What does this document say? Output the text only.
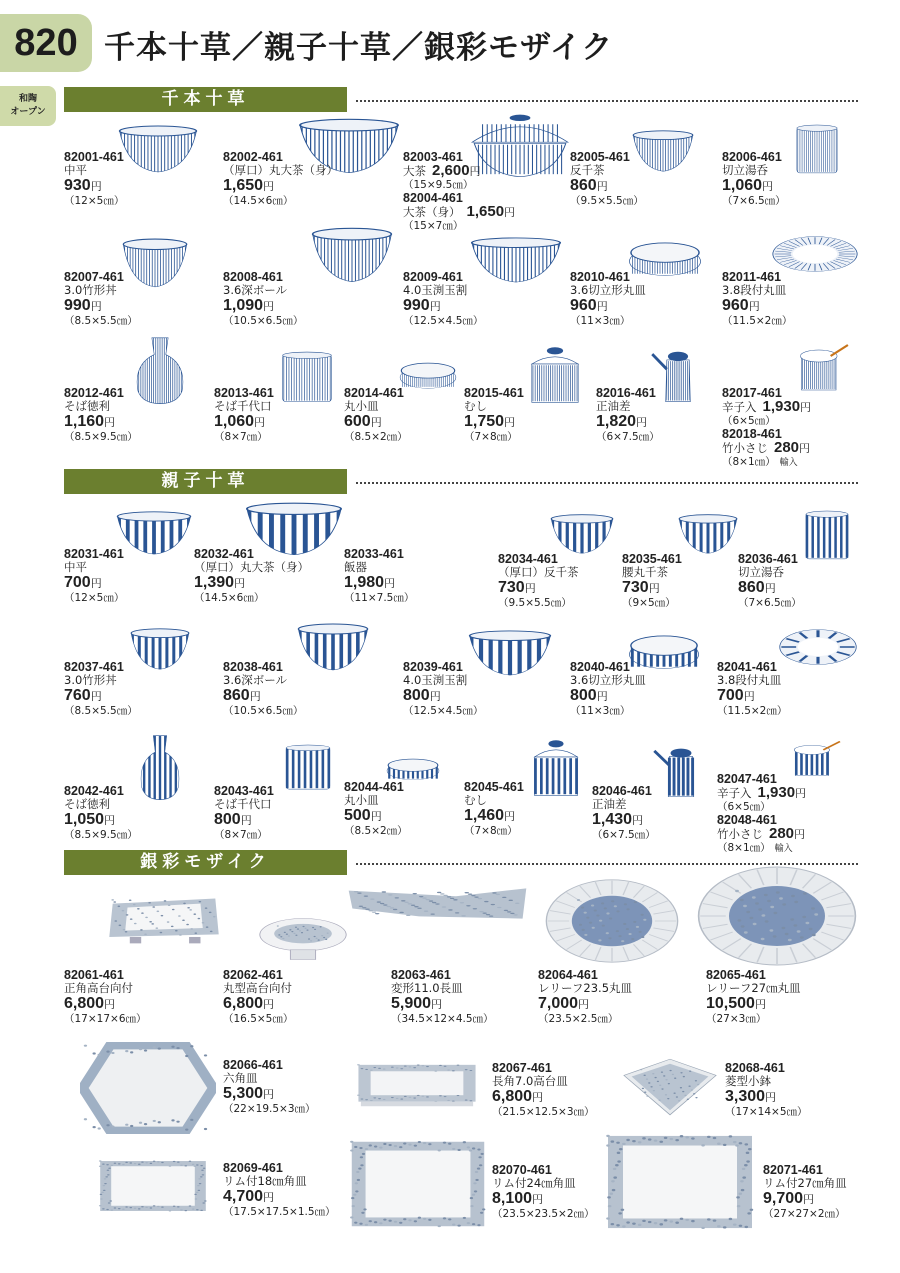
820 千本十草／親子十草／銀彩モザイク
和陶
オープン
千本十草
親子十草
銀彩モザイク
82001-461

中平
930円
（12×5㎝）
82002-461

（厚口）丸大茶（身）
1,650円
（14.5×6㎝）
82003-461

大茶 2,600円
（15×9.5㎝）
82004-461

大茶（身） 1,650円
（15×7㎝）
82005-461

反千茶
860円
（9.5×5.5㎝）
82006-461

切立湯呑
1,060円
（7×6.5㎝）
82007-461

3.0竹形丼
990円
（8.5×5.5㎝）
82008-461

3.6深ボール
1,090円
（10.5×6.5㎝）
82009-461

4.0玉渕玉割
990円
（12.5×4.5㎝）
82010-461

3.6切立形丸皿
960円
（11×3㎝）
82011-461

3.8段付丸皿
960円
（11.5×2㎝）
82012-461

そば徳利
1,160円
（8.5×9.5㎝）
82013-461

そば千代口
1,060円
（8×7㎝）
82014-461

丸小皿
600円
（8.5×2㎝）
82015-461

むし
1,750円
（7×8㎝）
82016-461

正油差
1,820円
（6×7.5㎝）
82017-461

辛子入 1,930円
（6×5㎝）
82018-461

竹小さじ 280円
（8×1㎝） 輸入
82031-461

中平
700円
（12×5㎝）
82032-461

（厚口）丸大茶（身）
1,390円
（14.5×6㎝）
82033-461

飯器
1,980円
（11×7.5㎝）
82034-461

（厚口）反千茶
730円
（9.5×5.5㎝）
82035-461

腰丸千茶
730円
（9×5㎝）
82036-461

切立湯呑
860円
（7×6.5㎝）
82037-461

3.0竹形丼
760円
（8.5×5.5㎝）
82038-461

3.6深ボール
860円
（10.5×6.5㎝）
82039-461

4.0玉渕玉割
800円
（12.5×4.5㎝）
82040-461

3.6切立形丸皿
800円
（11×3㎝）
82041-461

3.8段付丸皿
700円
（11.5×2㎝）
82042-461

そば徳利
1,050円
（8.5×9.5㎝）
82043-461

そば千代口
800円
（8×7㎝）
82044-461

丸小皿
500円
（8.5×2㎝）
82045-461

むし
1,460円
（7×8㎝）
82046-461

正油差
1,430円
（6×7.5㎝）
82047-461

辛子入 1,930円
（6×5㎝）
82048-461

竹小さじ 280円
（8×1㎝） 輸入
82061-461

正角高台向付
6,800円
（17×17×6㎝）
82062-461

丸型高台向付
6,800円
（16.5×5㎝）
82063-461

変形11.0長皿
5,900円
（34.5×12×4.5㎝）
82064-461

レリーフ23.5丸皿
7,000円
（23.5×2.5㎝）
82065-461

レリーフ27㎝丸皿
10,500円
（27×3㎝）
82066-461

六角皿
5,300円
（22×19.5×3㎝）
82067-461

長角7.0高台皿
6,800円
（21.5×12.5×3㎝）
82068-461

菱型小鉢
3,300円
（17×14×5㎝）
82069-461

リム付18㎝角皿
4,700円
（17.5×17.5×1.5㎝）
82070-461

リム付24㎝角皿
8,100円
（23.5×23.5×2㎝）
82071-461

リム付27㎝角皿
9,700円
（27×27×2㎝）
